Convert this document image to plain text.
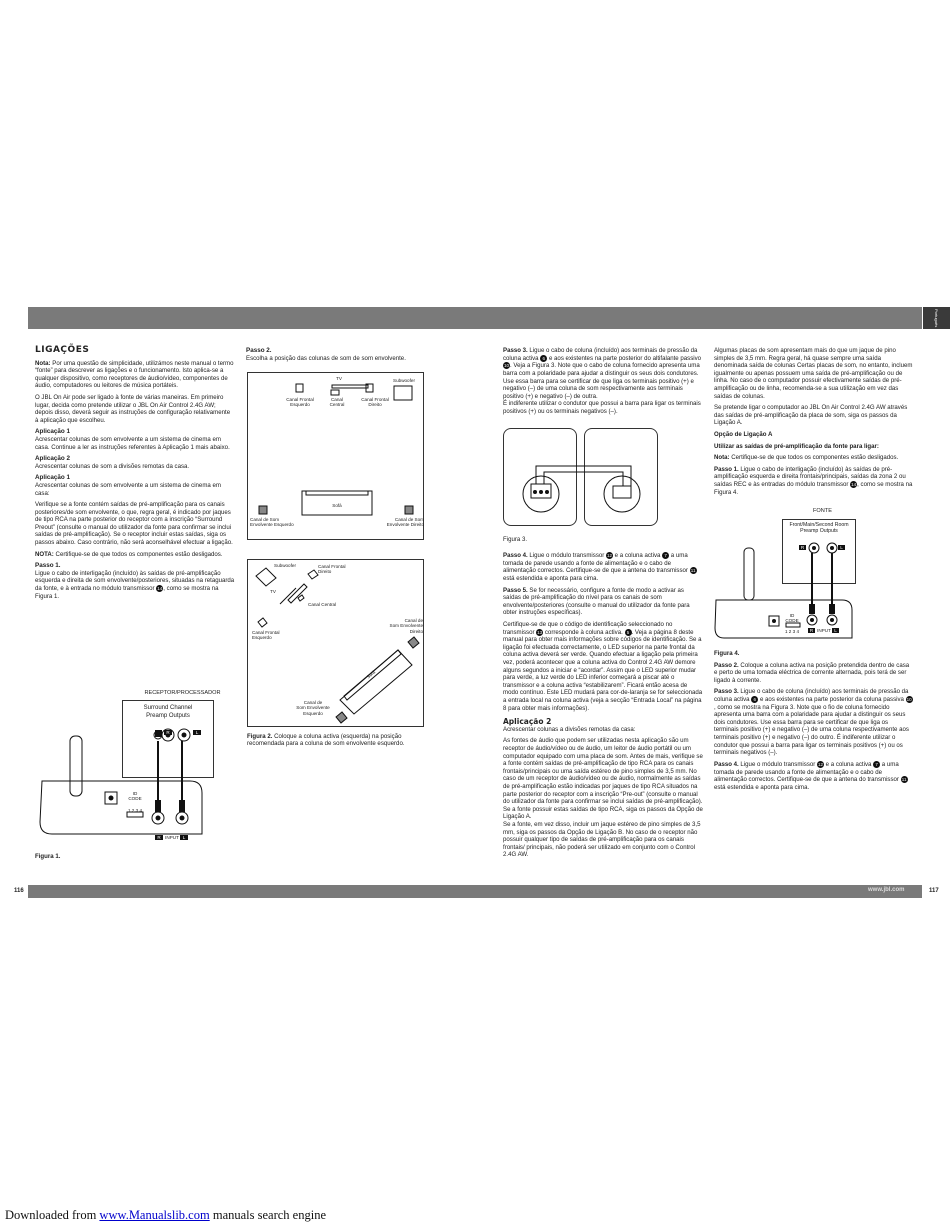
Português
116	117
www.jbl.com
LIGAÇÕES

Nota: Por uma questão de simplicidade, utilizámos neste manual o termo “fonte” para descrever as ligações e o funcionamento. Isto aplica-se a qualquer dispositivo, como receptores de áudio/vídeo, componentes de áudio, computadores ou leitores de música portáteis.

O JBL On Air pode ser ligado à fonte de várias maneiras. Em primeiro lugar, decida como pretende utilizar o JBL On Air Control 2.4G AW; depois disso, deverá seguir as instruções de configuração relativamente à aplicação que escolheu.

Aplicação 1

Acrescentar colunas de som envolvente a um sistema de cinema em casa. Continue a ler as instruções referentes à Aplicação 1 mais abaixo.

Aplicação 2

Acrescentar colunas de som a divisões remotas da casa.

Aplicação 1

Acrescentar colunas de som envolvente a um sistema de cinema em casa:

Verifique se a fonte contém saídas de pré-amplificação para os canais posteriores/de som envolvente, o que, regra geral, é indicado por jaques de tipo RCA na parte posterior do receptor com a inscrição “Surround Preout” (consulte o manual do utilizador da fonte para confirmar se inclui saídas de pré-amplificação). Se o receptor incluir estas saídas, siga os passos abaixo. Caso contrário, não será aconselhável efectuar a ligação.

NOTA: Certifique-se de que todos os componentes estão desligados.

Passo 1.

Ligue o cabo de interligação (incluído) às saídas de pré-amplificação esquerda e direita de som envolvente/posteriores, situadas na retaguarda da fonte, e à entrada no módulo transmissor 14, como se mostra na Figura 1.

RECEPTOR/PROCESSADOR
Surround Channel
Preamp Outputs
R	L
ID
CODE
1 2 3 4
R INPUT L
Figura 1.
Passo 2.

Escolha a posição das colunas de som de som envolvente.

TV	Subwoofer
Canal Frontal
Esquerdo
Canal
Central
Canal Frontal
Direito
Sofá
Canal de Som
Envolvente Esquerdo
Canal de Som
Envolvente Direito
Subwoofer	Canal Frontal
Direito
TV
Canal Central
Canal Frontal
Esquerdo
Canal de
Som Envolvente
Direito
Sofá
Canal de
Som Envolvente
Esquerdo
Figura 2. Coloque a coluna activa (esquerda) na posição recomendada para a coluna de som envolvente esquerdo.

Passo 3. Ligue o cabo de coluna (incluído) aos terminais de pressão da coluna activa 6 e aos existentes na parte posterior do altifalante passivo 10. Veja a Figura 3. Note que o cabo de coluna fornecido apresenta uma barra com a polaridade para ajudar a distinguir os seus dois condutores. Use essa barra para se certificar de que liga os terminais positivo (+) e negativo (–) de uma coluna de som respectivamente aos terminais positivo (+) e negativo (–) de outra.
É indiferente utilizar o condutor que possui a barra para ligar os terminais positivos (+) ou os terminais negativos (–).

Figura 3.

Passo 4. Ligue o módulo transmissor 12 e a coluna activa 7 a uma tomada de parede usando a fonte de alimentação e o cabo de alimentação correctos. Certifique-se de que a antena do transmissor 11 está estendida e aponta para cima.

Passo 5. Se for necessário, configure a fonte de modo a activar as saídas de pré-amplificação do nível para os canais de som envolvente/posteriores (consulte o manual do utilizador da fonte para obter instruções específicas).

Certifique-se de que o código de identificação seleccionado no transmissor 13 corresponde à coluna activa. 5 . Veja a página 8 deste manual para obter mais informações sobre códigos de identificação. Se a ligação foi efectuada correctamente, o LED superior na parte frontal da coluna activa deverá ser verde. Quando efectuar a ligação pela primeira vez, poderá acontecer que a coluna activa do Control 2.4G AW demore alguns segundos a iniciar e “acordar”. Assim que o LED superior mudar para verde, a luz verde do LED inferior começará a piscar até o transmissor e a coluna activa “estabilizarem”. Ficará então acesa de modo contínuo. Este LED mudará para cor-de-laranja se for seleccionada a entrada local na coluna activa (veja a secção “Entrada Local” na página 8 para obter mais informações).

Aplicação 2

Acrescentar colunas a divisões remotas da casa:

As fontes de áudio que podem ser utilizadas nesta aplicação são um receptor de áudio/vídeo ou de áudio, um leitor de áudio portátil ou um computador equipado com uma placa de som. Antes de mais, verifique se a fonte contém saídas de pré-amplificação de tipo RCA para os canais frontais/principais ou uma saída estéreo de pino simples de 3,5 mm. No caso de um receptor de áudio/vídeo ou de áudio, normalmente as saídas de pré-amplificação estão indicadas por jaques de tipo RCA situados na parte posterior do receptor com a inscrição “Pre-out” (consulte o manual do utilizador da fonte para confirmar se inclui saídas de pré-amplificação). Se a fonte possuir estas saídas de tipo RCA, siga os passos da Opção de Ligação A.
Se a fonte, em vez disso, incluir um jaque estéreo de pino simples de 3,5 mm, siga os passos da Opção de Ligação B. No caso de o receptor não possuir qualquer tipo de saídas de pré-amplificação para os canais frontais/ principais, não poderá ser utilizado em conjunto com o Control 2.4G AW.

Algumas placas de som apresentam mais do que um jaque de pino simples de 3,5 mm. Regra geral, há quase sempre uma saída denominada saída de colunas Certas placas de som, no entanto, incluem igualmente ou apenas possuem uma saída de pré-amplificação ou de linha. No caso de o computador possuir efectivamente saídas de pré-amplificação ou de linha, recomenda-se a sua utilização em vez das saídas de colunas.

Se pretende ligar o computador ao JBL On Air Control 2.4G AW através das saídas de pré-amplificação da placa de som, siga os passos da Ligação A.

Opção de Ligação A

Utilizar as saídas de pré-amplificação da fonte para ligar:

Nota: Certifique-se de que todos os componentes estão desligados.

Passo 1. Ligue o cabo de interligação (incluído) às saídas de pré-amplificação esquerda e direita frontais/principais, saídas da zona 2 ou saídas REC e às entradas do módulo transmissor 14, como se mostra na Figura 4.

FONTE
Front/Main/Second Room
Preamp Outputs
R	L
ID
CODE
1 2 3 4	R INPUT L

Figura 4.

Passo 2. Coloque a coluna activa na posição pretendida dentro de casa e perto de uma tomada eléctrica de corrente alternada, pois terá de ser ligado à corrente.

Passo 3. Ligue o cabo de coluna (incluído) aos terminais de pressão da coluna activa 6 e aos existentes na parte posterior da coluna passiva 10, como se mostra na Figura 3. Note que o fio de coluna fornecido apresenta uma barra com a polaridade para ajudar a distinguir os seus dois condutores. Use essa barra para se certificar de que liga os terminais positivo (+) e negativo (–) de uma coluna respectivamente aos terminais positivo (+) e negativo (–) do outro. É indiferente utilizar o condutor que possui a barra para ligar os terminais positivos (+) ou os terminais negativos (–).

Passo 4. Ligue o módulo transmissor 12 e a coluna activa 7 a uma tomada de parede usando a fonte de alimentação e o cabo de alimentação correctos. Certifique-se de que a antena do transmissor 11 está estendida e aponta para cima.

Downloaded from www.Manualslib.com manuals search engine
